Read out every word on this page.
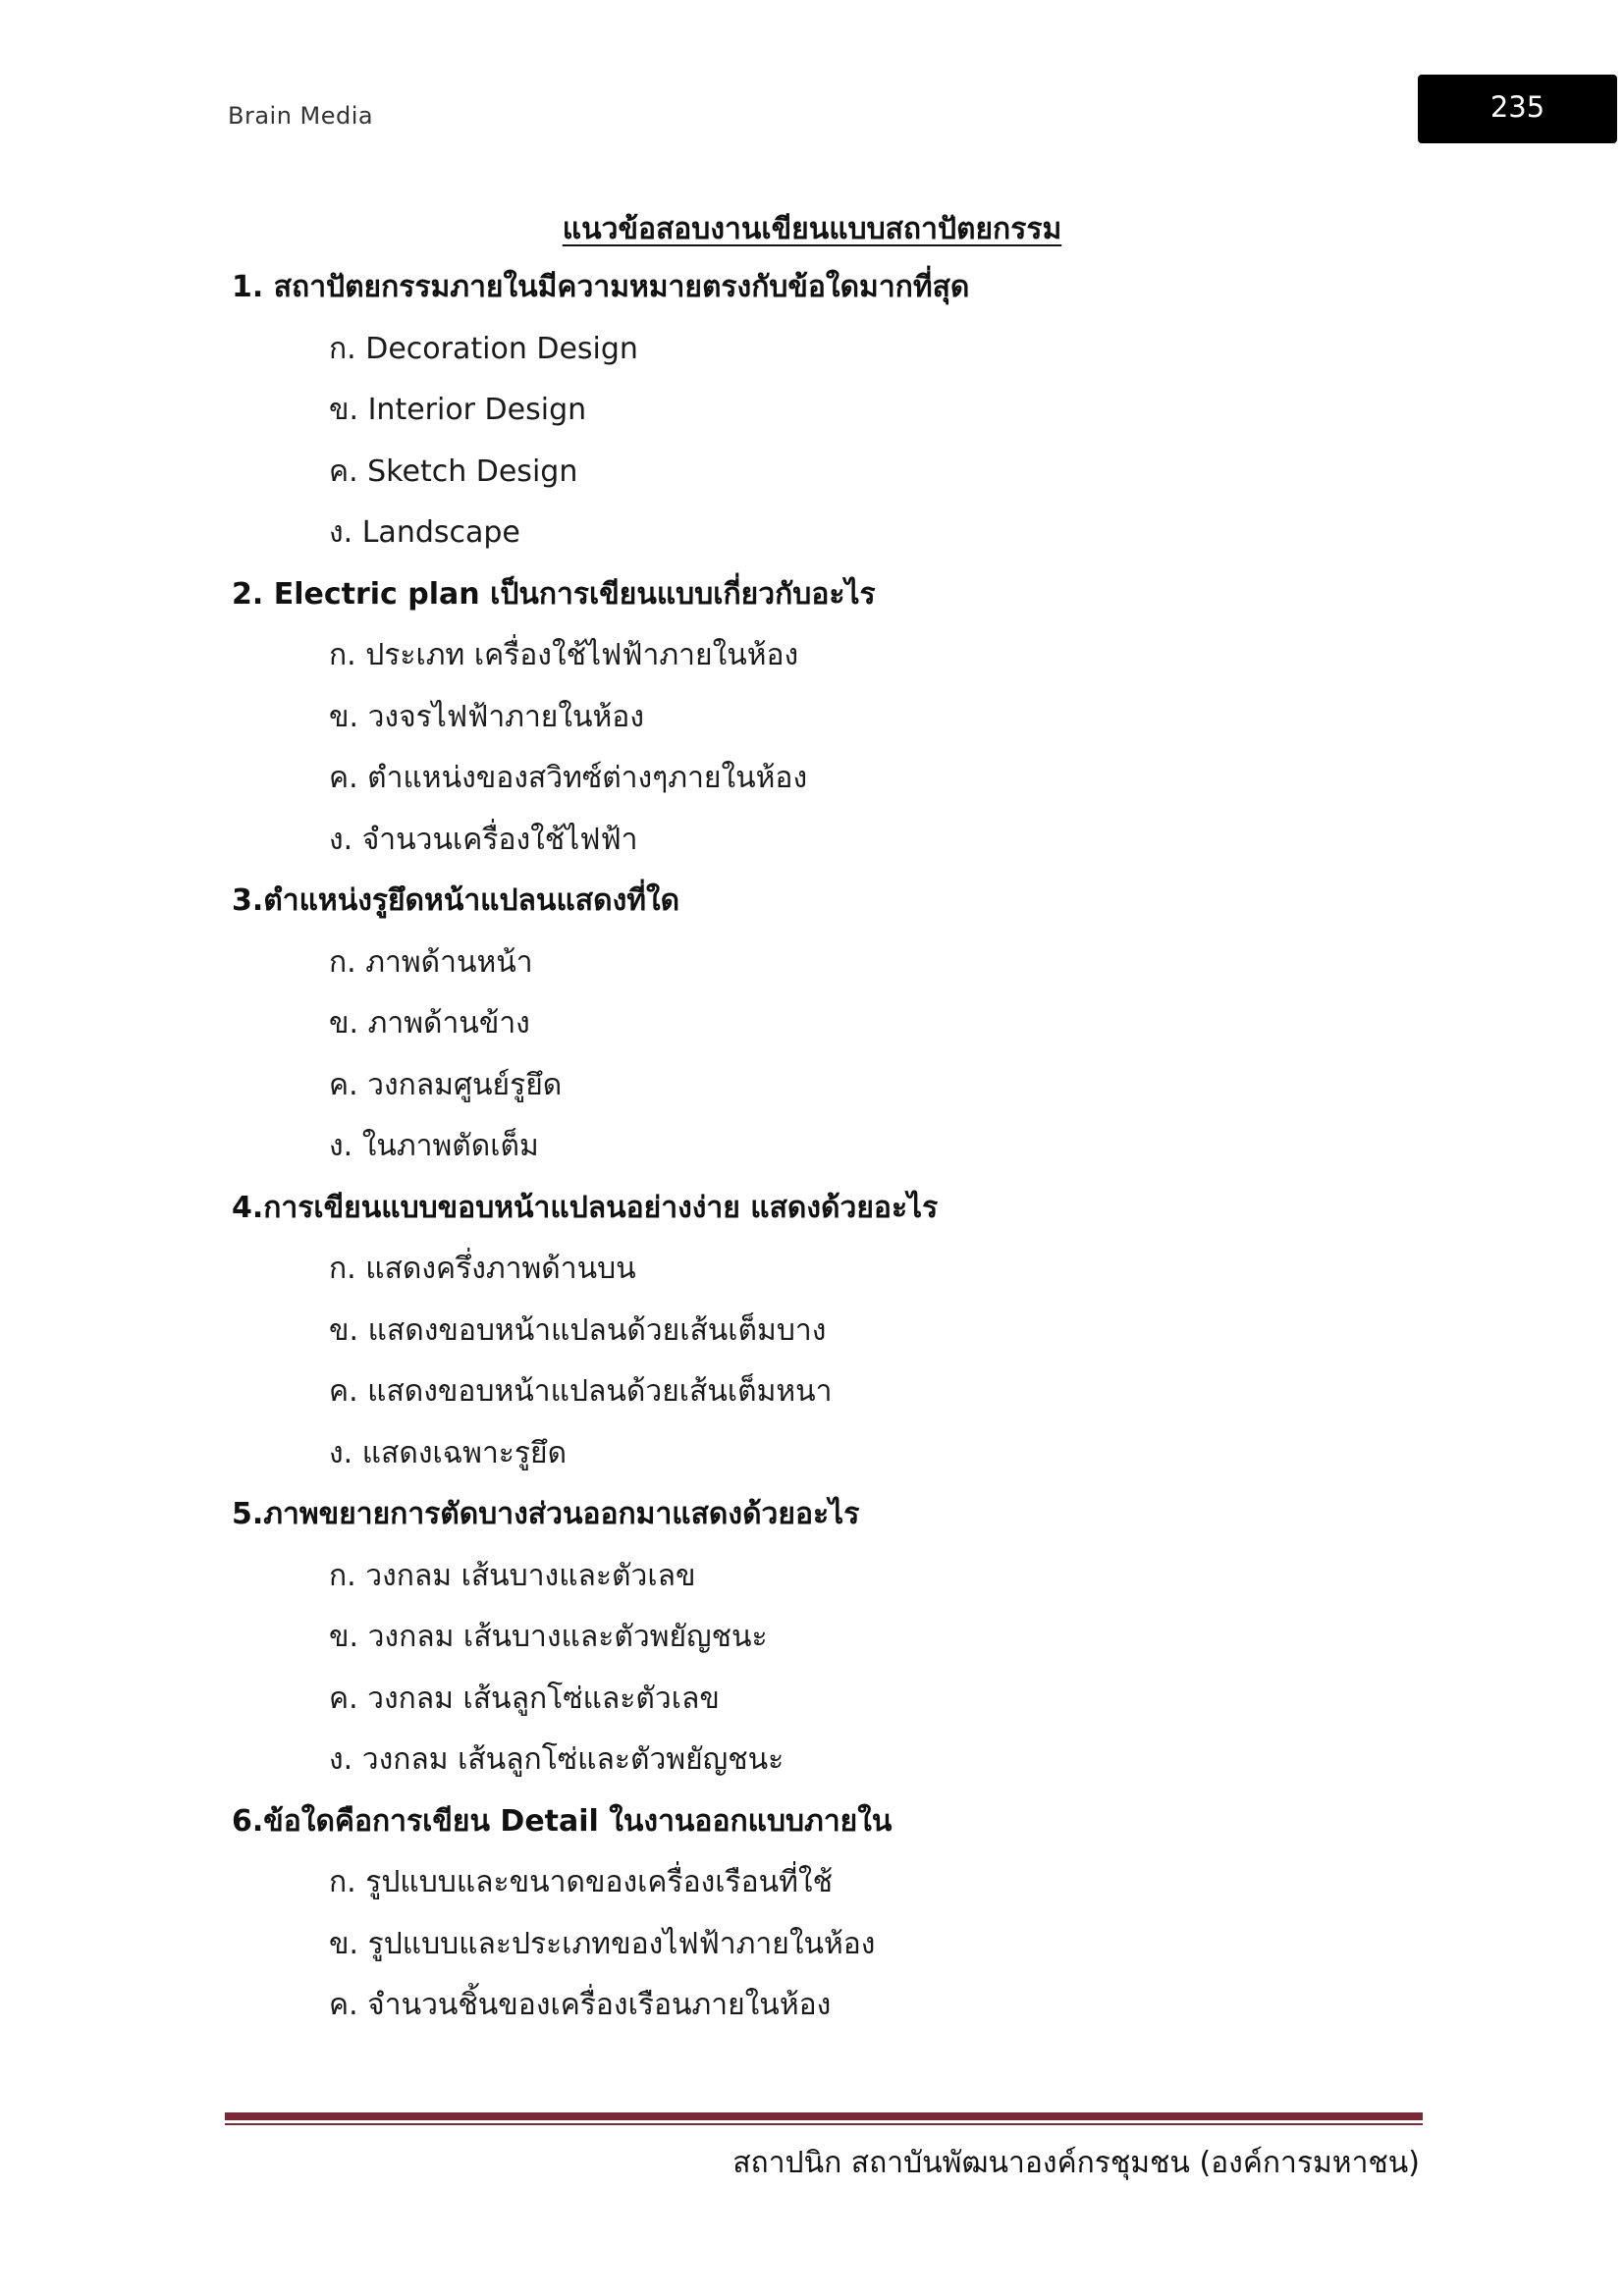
Brain Media	235
แนวข้อสอบงานเขียนแบบสถาปัตยกรรม
1. สถาปัตยกรรมภายในมีความหมายตรงกับข้อใดมากที่สุด
ก. Decoration Design
ข. Interior Design
ค. Sketch Design
ง. Landscape
2. Electric plan เป็นการเขียนแบบเกี่ยวกับอะไร
ก. ประเภท เครื่องใช้ไฟฟ้าภายในห้อง
ข. วงจรไฟฟ้าภายในห้อง
ค. ตำแหน่งของสวิทซ์ต่างๆภายในห้อง
ง. จำนวนเครื่องใช้ไฟฟ้า
3.ตำแหน่งรูยึดหน้าแปลนแสดงที่ใด
ก. ภาพด้านหน้า
ข. ภาพด้านข้าง
ค. วงกลมศูนย์รูยึด
ง. ในภาพตัดเต็ม
4.การเขียนแบบขอบหน้าแปลนอย่างง่าย แสดงด้วยอะไร
ก. แสดงครึ่งภาพด้านบน
ข. แสดงขอบหน้าแปลนด้วยเส้นเต็มบาง
ค. แสดงขอบหน้าแปลนด้วยเส้นเต็มหนา
ง. แสดงเฉพาะรูยึด
5.ภาพขยายการตัดบางส่วนออกมาแสดงด้วยอะไร
ก. วงกลม เส้นบางและตัวเลข
ข. วงกลม เส้นบางและตัวพยัญชนะ
ค. วงกลม เส้นลูกโซ่และตัวเลข
ง. วงกลม เส้นลูกโซ่และตัวพยัญชนะ
6.ข้อใดคือการเขียน Detail ในงานออกแบบภายใน
ก. รูปแบบและขนาดของเครื่องเรือนที่ใช้
ข. รูปแบบและประเภทของไฟฟ้าภายในห้อง
ค. จำนวนชิ้นของเครื่องเรือนภายในห้อง
สถาปนิก สถาบันพัฒนาองค์กรชุมชน (องค์การมหาชน)
